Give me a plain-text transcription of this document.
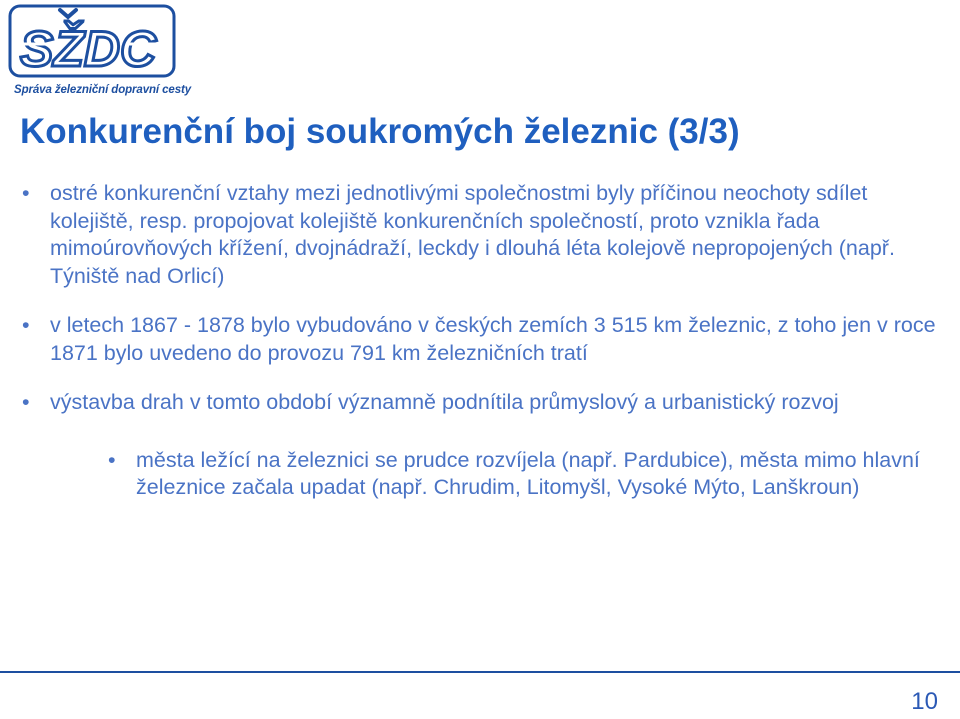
SŽDC
Správa železniční dopravní cesty
Konkurenční boj soukromých železnic (3/3)
• ostré konkurenční vztahy mezi jednotlivými společnostmi byly příčinou neochoty sdílet kolejiště, resp. propojovat kolejiště konkurenčních společností, proto vznikla řada mimoúrovňových křížení, dvojnádraží, leckdy i dlouhá léta kolejově nepropojených (např. Týniště nad Orlicí)
• v letech 1867 - 1878 bylo vybudováno v českých zemích 3 515 km železnic, z toho jen v roce 1871 bylo uvedeno do provozu 791 km železničních tratí
• výstavba drah v tomto období významně podnítila průmyslový a urbanistický rozvoj
• města ležící na železnici se prudce rozvíjela (např. Pardubice), města mimo hlavní železnice začala upadat (např. Chrudim, Litomyšl, Vysoké Mýto, Lanškroun)
10
